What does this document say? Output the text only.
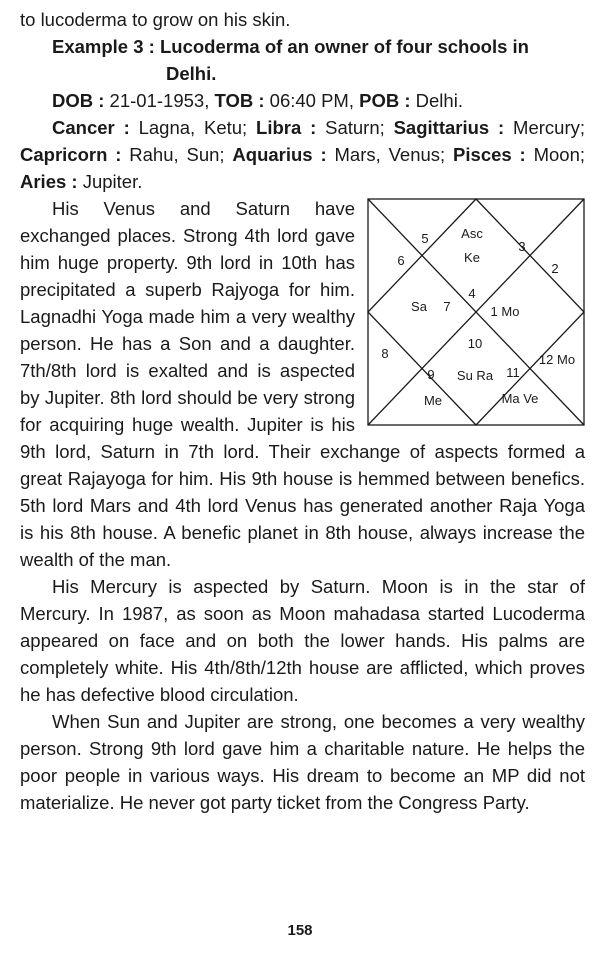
to lucoderma to grow on his skin.

Example 3 : Lucoderma of an owner of four schools in
Delhi.

DOB : 21-01-1953, TOB : 06:40 PM, POB : Delhi.

Cancer : Lagna, Ketu; Libra : Saturn; Sagittarius : Mercury; Capricorn : Rahu, Sun; Aquarius : Mars, Venus; Pisces : Moon; Aries : Jupiter.

4
Asc
Ke
5
6
7
Sa
8
9
Me
10
Su Ra 11
Ma Ve
12 Mo
1 Mo
2
3

His Venus and Saturn have exchanged places. Strong 4th lord gave him huge property. 9th lord in 10th has precipitated a superb Rajyoga for him. Lagnadhi Yoga made him a very wealthy person. He has a Son and a daughter. 7th/8th lord is exalted and is aspected by Jupiter. 8th lord should be very strong for acquiring huge wealth. Jupiter is his 9th lord, Saturn in 7th lord. Their exchange of aspects formed a great Rajayoga for him. His 9th house is hemmed between benefics. 5th lord Mars and 4th lord Venus has generated another Raja Yoga is his 8th house. A benefic planet in 8th house, always increase the wealth of the man.

His Mercury is aspected by Saturn. Moon is in the star of Mercury. In 1987, as soon as Moon mahadasa started Lucoderma appeared on face and on both the lower hands. His palms are completely white. His 4th/8th/12th house are afflicted, which proves he has defective blood circulation.

When Sun and Jupiter are strong, one becomes a very wealthy person. Strong 9th lord gave him a charitable nature. He helps the poor people in various ways. His dream to become an MP did not materialize. He never got party ticket from the Congress Party.

158
